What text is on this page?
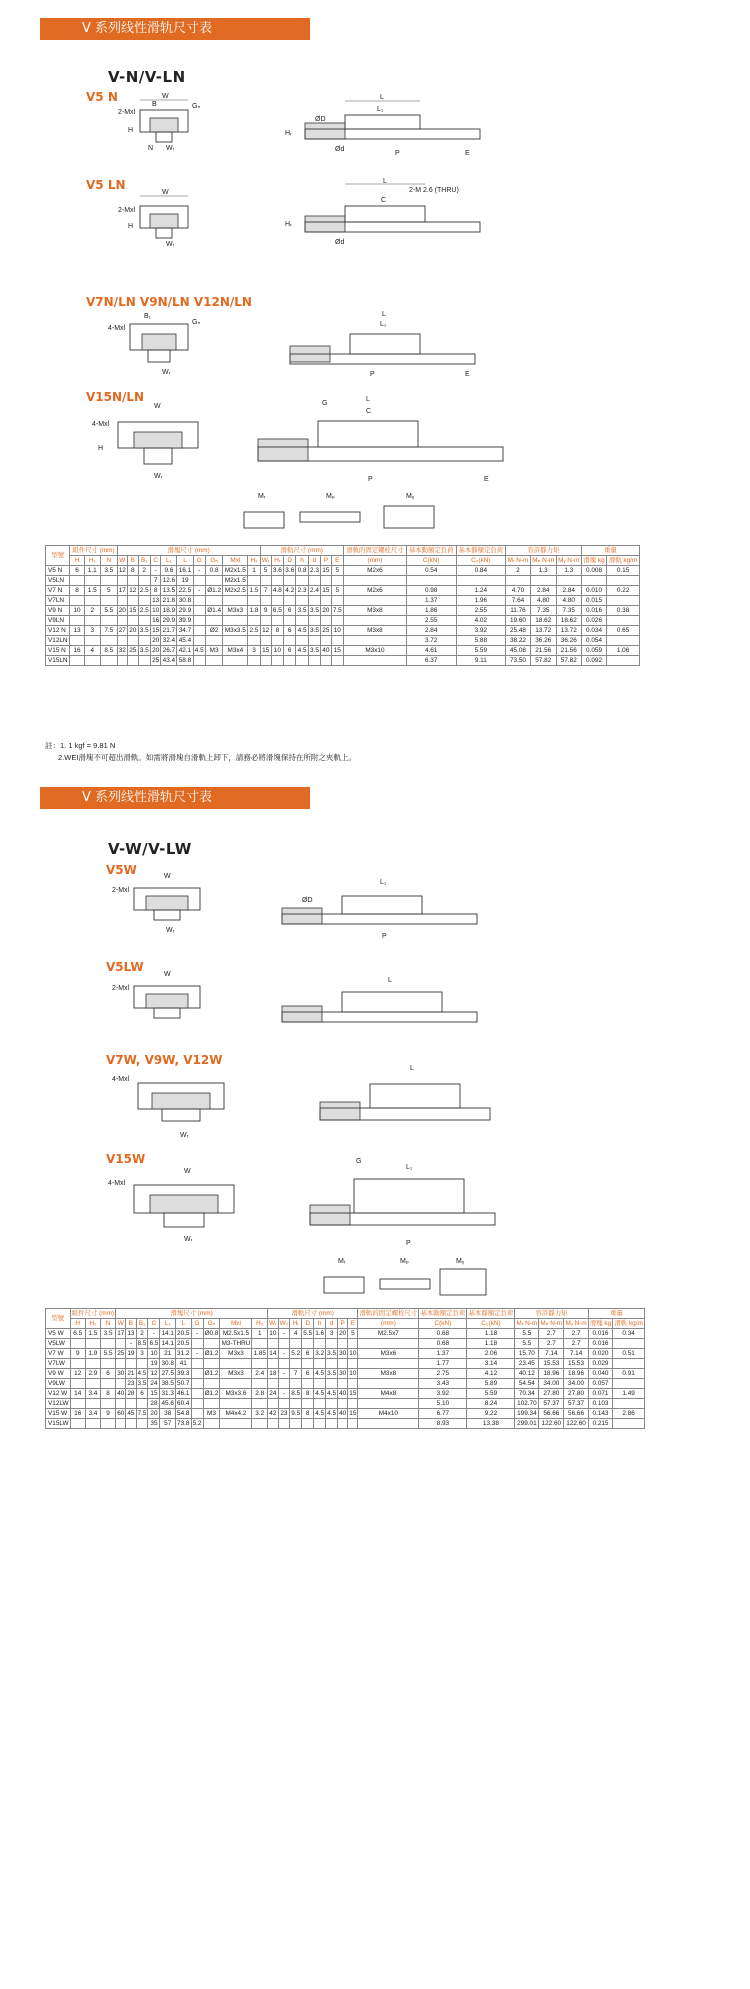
V 系列线性滑轨尺寸表
V-N/V-LN
V5 N
V5 LN
V7N/LN V9N/LN V12N/LN
V15N/LN
W
B	Gₙ
2-Mxl
H
N Wᵣ
L
L₁
ØD
Hᵣ
Ød
P	E
W
2-Mxl
H
Wᵣ
L
2-M 2.6 (THRU)
C
Hᵣ
Ød
4-Mxl
B₁
Gₙ
Wᵣ
L
L₁
P	E
W
4-Mxl
H
Wᵣ
G
L
C
P	E
Mᵣ	Mₚ	Mᵧ
型號	組件尺寸 (mm)			滑塊尺寸 (mm)										滑軌尺寸 (mm)							滑軌的固定螺栓尺寸	基本動額定負荷	基本靜額定負荷	容許靜力矩			重量	
	H	H₁	N	W	B	B₁	C	L₁	L	G	Gₙ	Mxl	H₂	Wᵣ	Hᵣ	D	h	d	P	E	(mm)	C(kN)	C₀(kN)	Mᵣ N-m	Mₚ N-m	Mᵧ N-m	滑塊 kg	滑軌 kg/m
V5 N	6	1.1	3.5	12	8	2	-	9.6	16.1	-	0.8	M2x1.5	1	5	3.6	3.6	0.8	2.3	15	5	M2x6	0.54	0.84	2	1.3	1.3	0.008	0.15
V5LN							7	12.6	19			M2x1.5																
V7 N	8	1.5	5	17	12	2.5	8	13.5	22.5	-	Ø1.2	M2x2.5	1.5	7	4.8	4.2	2.3	2.4	15	5	M2x6	0.98	1.24	4.70	2.84	2.84	0.010	0.22
V7LN							13	21.8	30.8													1.37	1.96	7.64	4.80	4.80	0.015	
V9 N	10	2	5.5	20	15	2.5	10	18.9	29.9		Ø1.4	M3x3	1.8	9	6.5	6	3.5	3.5	20	7.5	M3x8	1.86	2.55	11.76	7.35	7.35	0.016	0.38
V9LN							16	29.9	39.9													2.55	4.02	19.60	18.62	18.62	0.026	
V12 N	13	3	7.5	27	20	3.5	15	21.7	34.7		Ø2	M3x3.5	2.5	12	8	6	4.5	3.5	25	10	M3x8	2.84	3.92	25.48	13.72	13.72	0.034	0.65
V12LN							20	32.4	45.4													3.72	5.88	38.22	36.26	36.26	0.054	
V15 N	16	4	8.5	32	25	3.5	20	26.7	42.1	4.5	M3	M3x4	3	15	10	6	4.5	3.5	40	15	M3x10	4.61	5.59	45.08	21.56	21.56	0.059	1.06
V15LN							25	43.4	58.8													6.37	9.11	73.50	57.82	57.82	0.092	
註：1. 1 kgf = 9.81 N
2.WEI滑塊不可超出滑軌。如需將滑塊自滑軌上卸下，請務必將滑塊保持在所附之夾軌上。
V 系列线性滑轨尺寸表
V-W/V-LW
V5W
V5LW
V7W, V9W, V12W
V15W
W
2-Mxl
Wᵣ
L₁
ØD
P
W
2-Mxl
L
4-Mxl
Wᵣ
L
W
4-Mxl
Wᵣ
G
L₁
P
Mᵣ	Mₚ	Mᵧ
型號	組件尺寸 (mm)			滑塊尺寸 (mm)										滑軌尺寸 (mm)								滑軌的固定螺栓尺寸	基本動額定負荷	基本靜額定負荷	容許靜力矩			重量	
	H	H₁	N	W	B	B₁	C	L₁	L	G	Gₙ	Mxl	H₂	Wᵣ	W₂	Hᵣ	D	h	d	P	E	(mm)	C(kN)	C₀(kN)	Mᵣ N-m	Mₚ N-m	Mᵧ N-m	滑塊 kg	滑軌 kg/m
V5 W	6.5	1.5	3.5	17	13	2	-	14.1	20.5	-	Ø0.8	M2.5x1.5	1	10	-	4	5.5	1.6	3	20	5	M2.5x7	0.68	1.18	5.5	2.7	2.7	0.016	0.34
V5LW					-	8.5	6.5	14.1	20.5			M3-THRU											0.68	1.18	5.5	2.7	2.7	0.016	
V7 W	9	1.9	5.5	25	19	3	10	21	31.2	-	Ø1.2	M3x3	1.85	14	-	5.2	6	3.2	3.5	30	10	M3x6	1.37	2.06	15.70	7.14	7.14	0.020	0.51
V7LW							19	30.8	41														1.77	3.14	23.45	15.53	15.53	0.029	
V9 W	12	2.9	6	30	21	4.5	12	27.5	39.3		Ø1.2	M3x3	2.4	18	-	7	6	4.5	3.5	30	10	M3x8	2.75	4.12	40.12	18.96	18.96	0.040	0.91
V9LW					23	3.5	24	38.5	50.7														3.43	5.89	54.54	34.00	34.00	0.057	
V12 W	14	3.4	8	40	28	6	15	31.3	46.1		Ø1.2	M3x3.6	2.8	24	-	8.5	8	4.5	4.5	40	15	M4x8	3.92	5.59	70.34	27.80	27.80	0.071	1.49
V12LW							28	45.6	60.4														5.10	8.24	102.70	57.37	57.37	0.103	
V15 W	16	3.4	9	60	45	7.5	20	38	54.8		M3	M4x4.2	3.2	42	23	9.5	8	4.5	4.5	40	15	M4x10	6.77	9.22	199.34	56.66	56.66	0.143	2.86
V15LW							35	57	73.8	5.2													8.93	13.38	299.01	122.60	122.60	0.215	
